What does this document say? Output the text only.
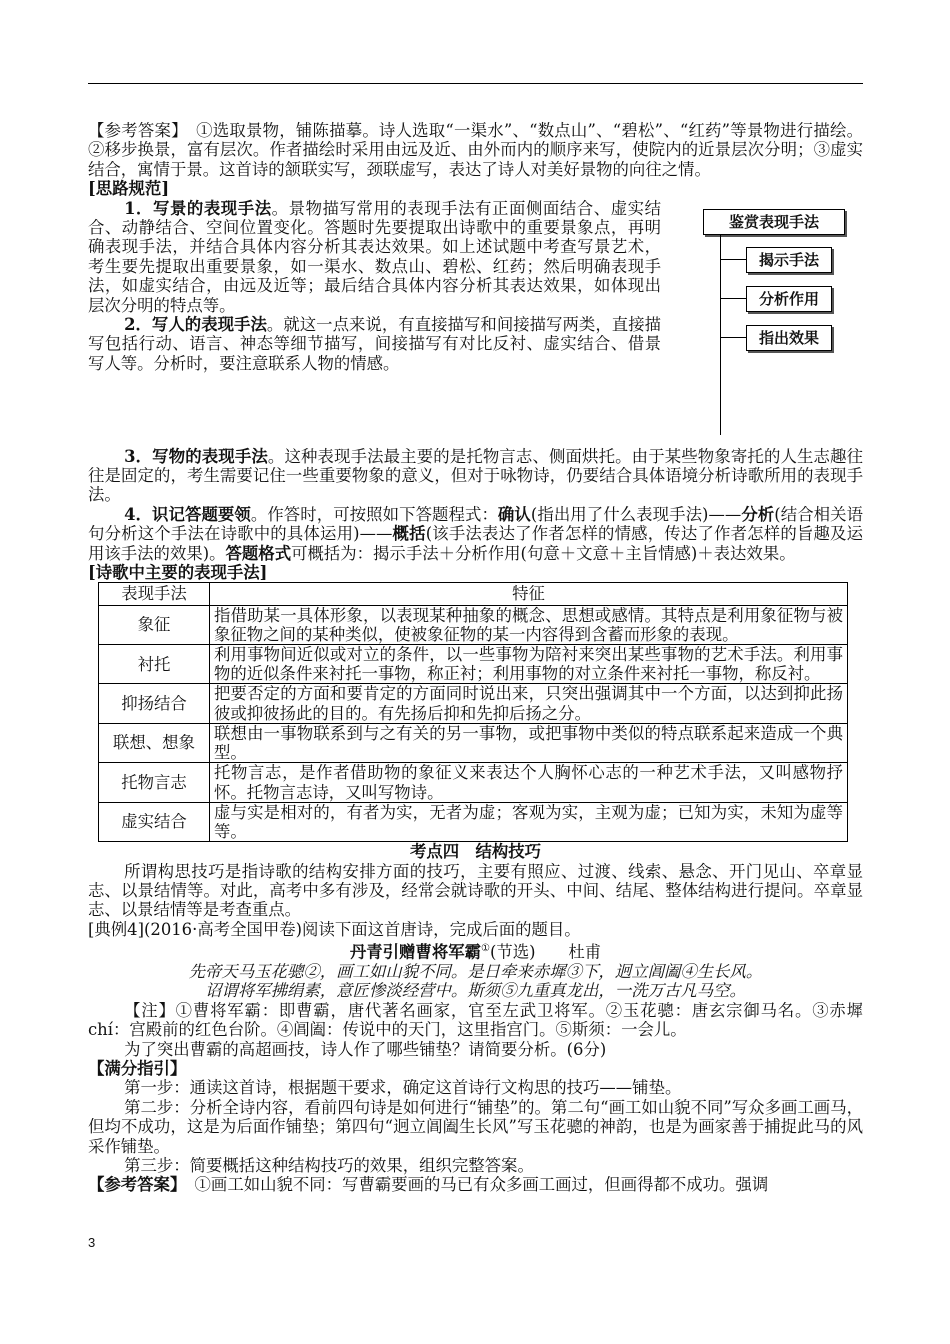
【参考答案】　 ①选取景物，铺陈描摹。诗人选取“一渠水”、“数点山”、“碧松”、“红药”等景物进行描绘。②移步换景，富有层次。作者描绘时采用由远及近、由外而内的顺序来写，使院内的近景层次分明；③虚实结合，寓情于景。这首诗的颔联实写，颈联虚写，表达了诗人对美好景物的向往之情。

[思路规范]

鉴赏表现手法
揭示手法
分析作用
指出效果

1．写景的表现手法。景物描写常用的表现手法有正面侧面结合、虚实结合、动静结合、空间位置变化。答题时先要提取出诗歌中的重要景象点，再明确表现手法，并结合具体内容分析其表达效果。如上述试题中考查写景艺术，考生要先提取出重要景象，如一渠水、数点山、碧松、红药；然后明确表现手法，如虚实结合，由远及近等；最后结合具体内容分析其表达效果，如体现出层次分明的特点等。

2．写人的表现手法。就这一点来说，有直接描写和间接描写两类，直接描写包括行动、语言、神态等细节描写，间接描写有对比反衬、虚实结合、借景写人等。分析时，要注意联系人物的情感。

3．写物的表现手法。这种表现手法最主要的是托物言志、侧面烘托。由于某些物象寄托的人生志趣往往是固定的，考生需要记住一些重要物象的意义，但对于咏物诗，仍要结合具体语境分析诗歌所用的表现手法。

4．识记答题要领。作答时，可按照如下答题程式：确认(指出用了什么表现手法)——分析(结合相关语句分析这个手法在诗歌中的具体运用)——概括(该手法表达了作者怎样的情感，传达了作者怎样的旨趣及运用该手法的效果)。答题格式可概括为：揭示手法＋分析作用(句意＋文意＋主旨情感)＋表达效果。

[诗歌中主要的表现手法]

表现手法	特征
象征	指借助某一具体形象，以表现某种抽象的概念、思想或感情。其特点是利用象征物与被象征物之间的某种类似，使被象征物的某一内容得到含蓄而形象的表现。
衬托	利用事物间近似或对立的条件，以一些事物为陪衬来突出某些事物的艺术手法。利用事物的近似条件来衬托一事物，称正衬；利用事物的对立条件来衬托一事物，称反衬。
抑扬结合	把要否定的方面和要肯定的方面同时说出来，只突出强调其中一个方面，以达到抑此扬彼或抑彼扬此的目的。有先扬后抑和先抑后扬之分。
联想、想象	联想由一事物联系到与之有关的另一事物，或把事物中类似的特点联系起来造成一个典型。
托物言志	托物言志，是作者借助物的象征义来表达个人胸怀心志的一种艺术手法，又叫感物抒怀。托物言志诗，又叫写物诗。
虚实结合	虚与实是相对的，有者为实，无者为虚；客观为实，主观为虚；已知为实，未知为虚等等。

考点四　结构技巧

所谓构思技巧是指诗歌的结构安排方面的技巧，主要有照应、过渡、线索、悬念、开门见山、卒章显志、以景结情等。对此，高考中多有涉及，经常会就诗歌的开头、中间、结尾、整体结构进行提问。卒章显志、以景结情等是考查重点。

[典例4](2016·高考全国甲卷)阅读下面这首唐诗，完成后面的题目。

丹青引赠曹将军霸①(节选)　　 杜甫

先帝天马玉花骢②，画工如山貌不同。是日牵来赤墀③下，迥立阊阖④生长风。

诏谓将军拂绢素，意匠惨淡经营中。斯须⑤九重真龙出，一洗万古凡马空。

【注】①曹将军霸：即曹霸，唐代著名画家，官至左武卫将军。②玉花骢：唐玄宗御马名。③赤墀 chí：宫殿前的红色台阶。④阊阖：传说中的天门，这里指宫门。⑤斯须：一会儿。

为了突出曹霸的高超画技，诗人作了哪些铺垫？请简要分析。(6分)

【满分指引】

第一步：通读这首诗，根据题干要求，确定这首诗行文构思的技巧——铺垫。

第二步：分析全诗内容，看前四句诗是如何进行“铺垫”的。第二句“画工如山貌不同”写众多画工画马，但均不成功，这是为后面作铺垫；第四句“迥立阊阖生长风”写玉花骢的神韵，也是为画家善于捕捉此马的风采作铺垫。

第三步：简要概括这种结构技巧的效果，组织完整答案。

【参考答案】　 ①画工如山貌不同：写曹霸要画的马已有众多画工画过，但画得都不成功。强调

3
